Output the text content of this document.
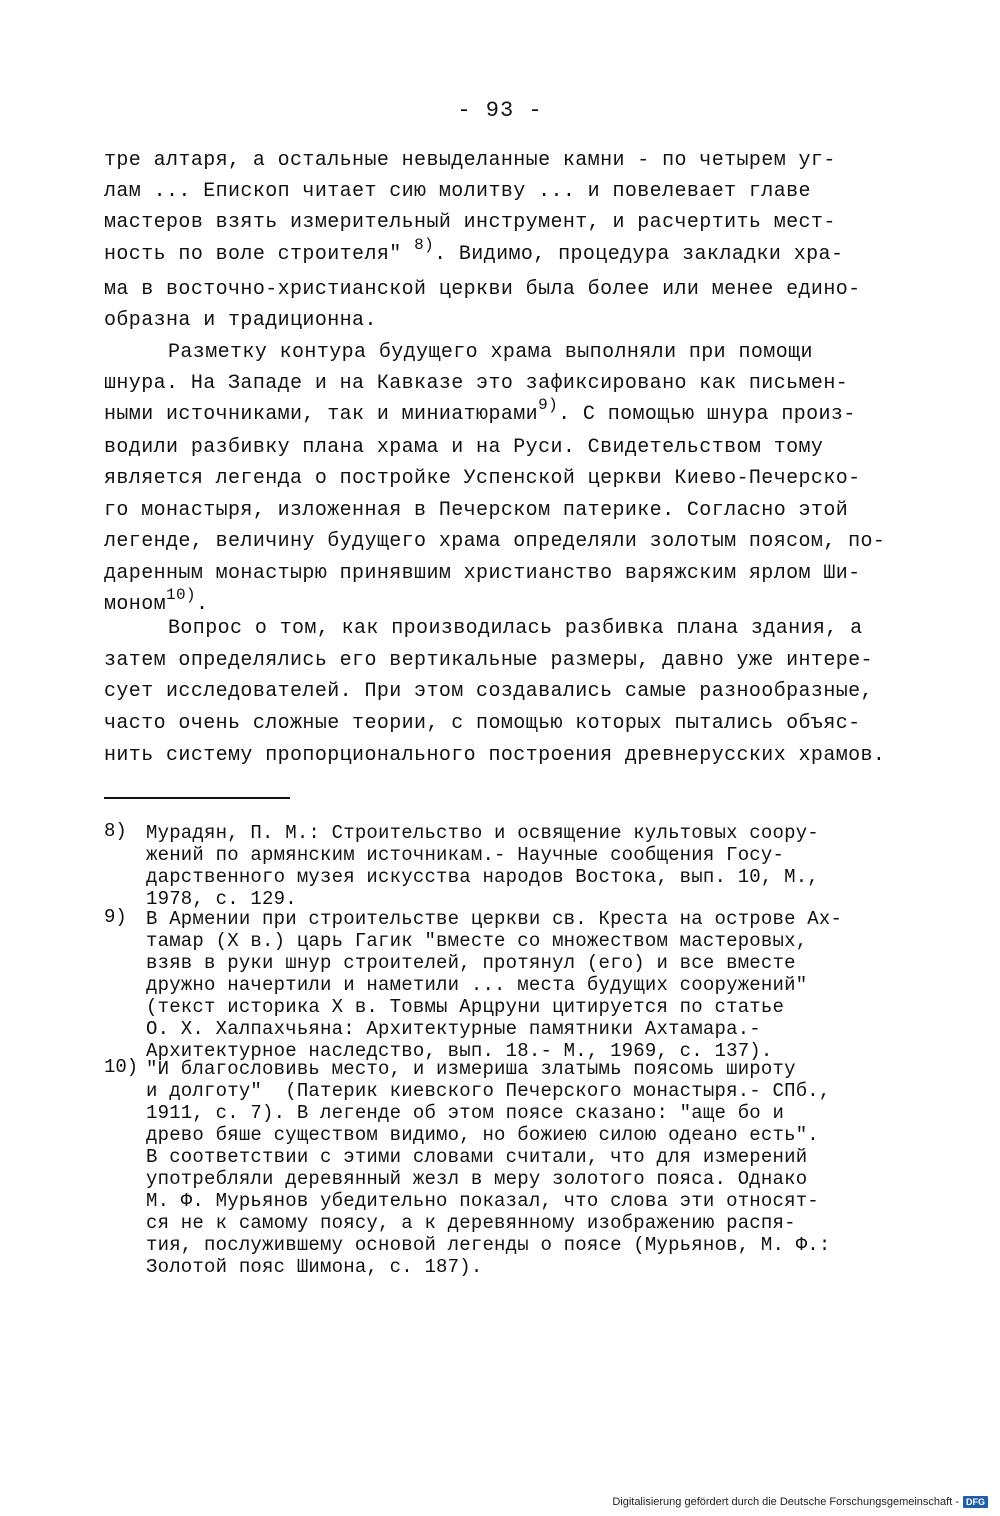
- 93 -
тре алтаря, а остальные невыделанные камни - по четырем уг-
лам ... Епископ читает сию молитву ... и повелевает главе
мастеров взять измерительный инструмент, и расчертить мест-
ность по воле строителя" $^{8)}$. Видимо, процедура закладки хра-
ма в восточно-христианской церкви была более или менее едино-
образна и традиционна.
Разметку контура будущего храма выполняли при помощи
шнура. На Западе и на Кавказе это зафиксировано как письмен-
ными источниками, так и миниатюрами$^{9)}$. С помощью шнура произ-
водили разбивку плана храма и на Руси. Свидетельством тому
является легенда о постройке Успенской церкви Киево-Печерско-
го монастыря, изложенная в Печерском патерике. Согласно этой
легенде, величину будущего храма определяли золотым поясом, по-
даренным монастырю принявшим христианство варяжским ярлом Ши-
моном$^{10)}$.
Вопрос о том, как производилась разбивка плана здания, а
затем определялись его вертикальные размеры, давно уже интере-
сует исследователей. При этом создавались самые разнообразные,
часто очень сложные теории, с помощью которых пытались объяс-
нить систему пропорционального построения древнерусских храмов.
8) Мурадян, П. М.: Строительство и освящение культовых соору-
жений по армянским источникам.- Научные сообщения Госу-
дарственного музея искусства народов Востока, вып. 10, М.,
1978, с. 129.
9) В Армении при строительстве церкви св. Креста на острове Ах-
тамар (X в.) царь Гагик "вместе со множеством мастеровых,
взяв в руки шнур строителей, протянул (его) и все вместе
дружно начертили и наметили ... места будущих сооружений"
(текст историка X в. Товмы Арцруни цитируется по статье
О. Х. Халпахчьяна: Архитектурные памятники Ахтамара.-
Архитектурное наследство, вып. 18.- М., 1969, с. 137).
10) "И благословивь место, и измериша златымь поясомь широту
и долготу"  (Патерик киевского Печерского монастыря.- СПб.,
1911, с. 7). В легенде об этом поясе сказано: "аще бо и
древо бяше существом видимо, но божиею силою одеано есть".
В соответствии с этими словами считали, что для измерений
употребляли деревянный жезл в меру золотого пояса. Однако
М. Ф. Мурьянов убедительно показал, что слова эти относят-
ся не к самому поясу, а к деревянному изображению распя-
тия, послужившему основой легенды о поясе (Мурьянов, М. Ф.:
Золотой пояс Шимона, с. 187).
Digitalisierung gefördert durch die Deutsche Forschungsgemeinschaft - DFG
